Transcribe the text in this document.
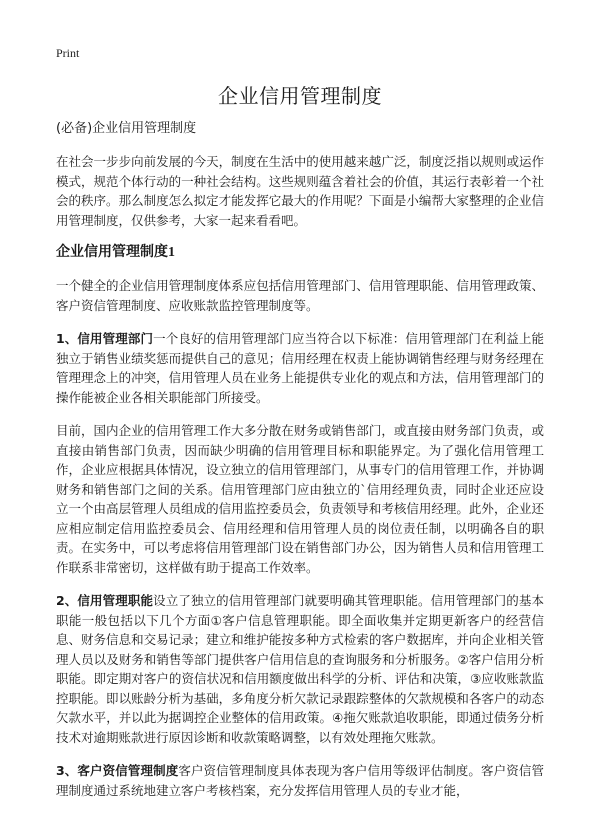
Print
企业信用管理制度
(必备)企业信用管理制度

在社会一步步向前发展的今天，制度在生活中的使用越来越广泛，制度泛指以规则或运作模式，规范个体行动的一种社会结构。这些规则蕴含着社会的价值，其运行表彰着一个社会的秩序。那么制度怎么拟定才能发挥它最大的作用呢？下面是小编帮大家整理的企业信用管理制度，仅供参考，大家一起来看看吧。

企业信用管理制度1

一个健全的企业信用管理制度体系应包括信用管理部门、信用管理职能、信用管理政策、客户资信管理制度、应收账款监控管理制度等。

1、信用管理部门一个良好的信用管理部门应当符合以下标准：信用管理部门在利益上能独立于销售业绩奖惩而提供自己的意见；信用经理在权责上能协调销售经理与财务经理在管理理念上的冲突，信用管理人员在业务上能提供专业化的观点和方法，信用管理部门的操作能被企业各相关职能部门所接受。

目前，国内企业的信用管理工作大多分散在财务或销售部门，或直接由财务部门负责，或直接由销售部门负责，因而缺少明确的信用管理目标和职能界定。为了强化信用管理工作，企业应根据具体情况，设立独立的信用管理部门，从事专门的信用管理工作，并协调财务和销售部门之间的关系。信用管理部门应由独立的`信用经理负责，同时企业还应设立一个由高层管理人员组成的信用监控委员会，负责领导和考核信用经理。此外，企业还应相应制定信用监控委员会、信用经理和信用管理人员的岗位责任制，以明确各自的职责。在实务中，可以考虑将信用管理部门设在销售部门办公，因为销售人员和信用管理工作联系非常密切，这样做有助于提高工作效率。

2、信用管理职能设立了独立的信用管理部门就要明确其管理职能。信用管理部门的基本职能一般包括以下几个方面①客户信息管理职能。即全面收集并定期更新客户的经营信息、财务信息和交易记录；建立和维护能按多种方式检索的客户数据库，并向企业相关管理人员以及财务和销售等部门提供客户信用信息的查询服务和分析服务。②客户信用分析职能。即定期对客户的资信状况和信用额度做出科学的分析、评估和决策，③应收账款监控职能。即以账龄分析为基础，多角度分析欠款记录跟踪整体的欠款规模和各客户的动态欠款水平，并以此为据调控企业整体的信用政策。④拖欠账款追收职能，即通过债务分析技术对逾期账款进行原因诊断和收款策略调整，以有效处理拖欠账款。

3、客户资信管理制度客户资信管理制度具体表现为客户信用等级评估制度。客户资信管理制度通过系统地建立客户考核档案，充分发挥信用管理人员的专业才能，
